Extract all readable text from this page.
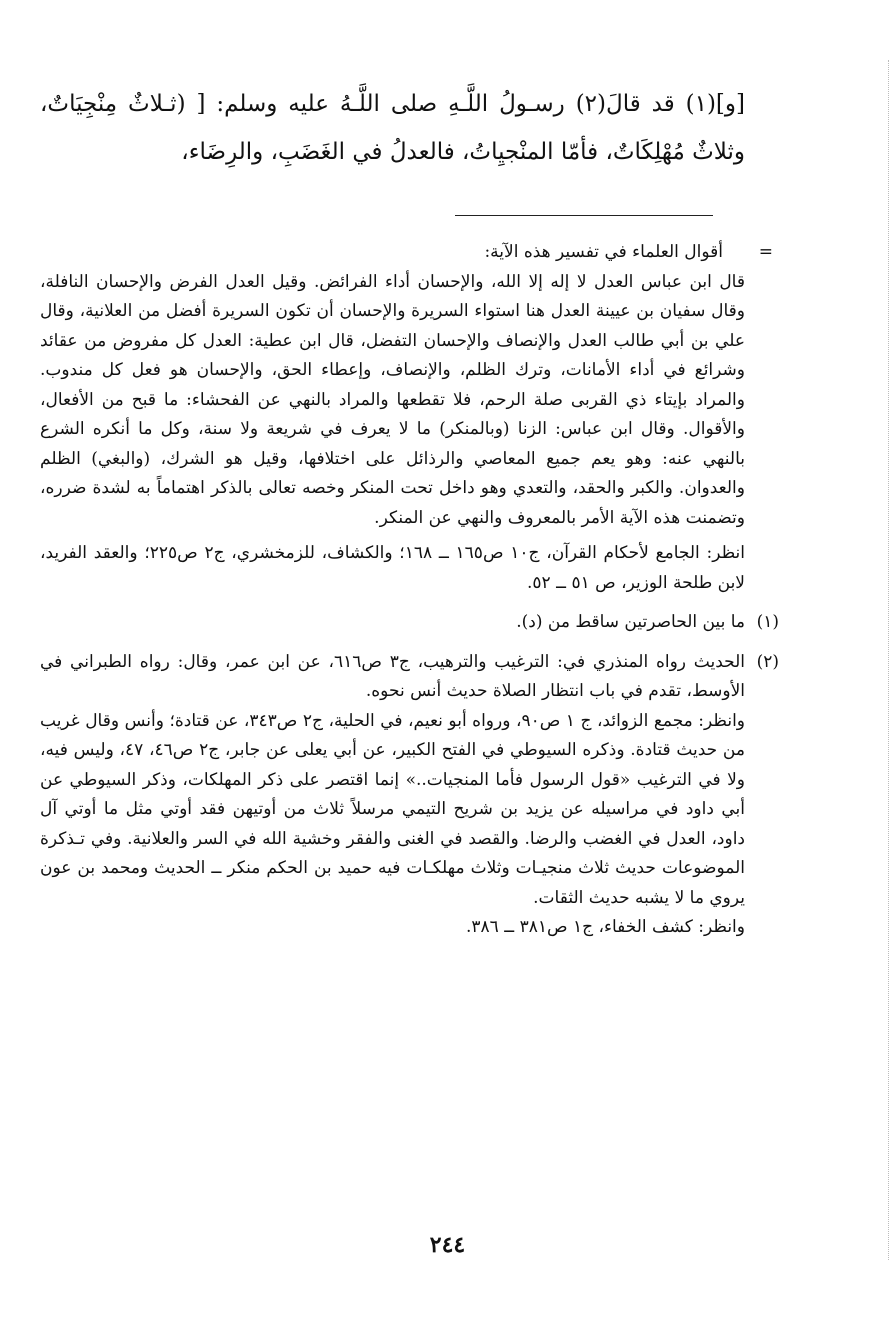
[و](١) قد قالَ(٢) رسـولُ اللَّـهِ صلى اللَّـهُ عليه وسلم: [ (ثـلاثٌ مِنْجِيَاتٌ، وثلاثٌ مُهْلِكَاتٌ، فأمّا المنْجيِاتُ، فالعدلُ في الغَضَبِ، والرِضَاء،

=
أقوال العلماء في تفسير هذه الآية:

قال ابن عباس العدل لا إله إلا الله، والإحسان أداء الفرائض. وقيل العدل الفرض والإحسان النافلة، وقال سفيان بن عيينة العدل هنا استواء السريرة والإحسان أن تكون السريرة أفضل من العلانية، وقال علي بن أبي طالب العدل والإنصاف والإحسان التفضل، قال ابن عطية: العدل كل مفروض من عقائد وشرائع في أداء الأمانات، وترك الظلم، والإنصاف، وإعطاء الحق، والإحسان هو فعل كل مندوب. والمراد بإيتاء ذي القربى صلة الرحم، فلا تقطعها والمراد بالنهي عن الفحشاء: ما قبح من الأفعال، والأقوال. وقال ابن عباس: الزنا (وبالمنكر) ما لا يعرف في شريعة ولا سنة، وكل ما أنكره الشرع بالنهي عنه: وهو يعم جميع المعاصي والرذائل على اختلافها، وقيل هو الشرك، (والبغي) الظلم والعدوان. والكبر والحقد، والتعدي وهو داخل تحت المنكر وخصه تعالى بالذكر اهتماماً به لشدة ضرره، وتضمنت هذه الآية الأمر بالمعروف والنهي عن المنكر.

انظر: الجامع لأحكام القرآن، ج١٠ ص١٦٥ ــ ١٦٨؛ والكشاف، للزمخشري، ج٢ ص٢٢٥؛ والعقد الفريد، لابن طلحة الوزير، ص ٥١ ــ ٥٢.

(١)
ما بين الحاصرتين ساقط من (د).

(٢)
الحديث رواه المنذري في: الترغيب والترهيب، ج٣ ص٦١٦، عن ابن عمر، وقال: رواه الطبراني في الأوسط، تقدم في باب انتظار الصلاة حديث أنس نحوه.

وانظر: مجمع الزوائد، ج ١ ص٩٠، ورواه أبو نعيم، في الحلية، ج٢ ص٣٤٣، عن قتادة؛ وأنس وقال غريب من حديث قتادة. وذكره السيوطي في الفتح الكبير، عن أبي يعلى عن جابر، ج٢ ص٤٦، ٤٧، وليس فيه، ولا في الترغيب «قول الرسول فأما المنجيات..» إنما اقتصر على ذكر المهلكات، وذكر السيوطي عن أبي داود في مراسيله عن يزيد بن شريح التيمي مرسلاً ثلاث من أوتيهن فقد أوتي مثل ما أوتي آل داود، العدل في الغضب والرضا. والقصد في الغنى والفقر وخشية الله في السر والعلانية. وفي تـذكرة الموضوعات حديث ثلاث منجيـات وثلاث مهلكـات فيه حميد بن الحكم منكر ــ الحديث ومحمد بن عون يروي ما لا يشبه حديث الثقات.

وانظر: كشف الخفاء، ج١ ص٣٨١ ــ ٣٨٦.

٢٤٤
